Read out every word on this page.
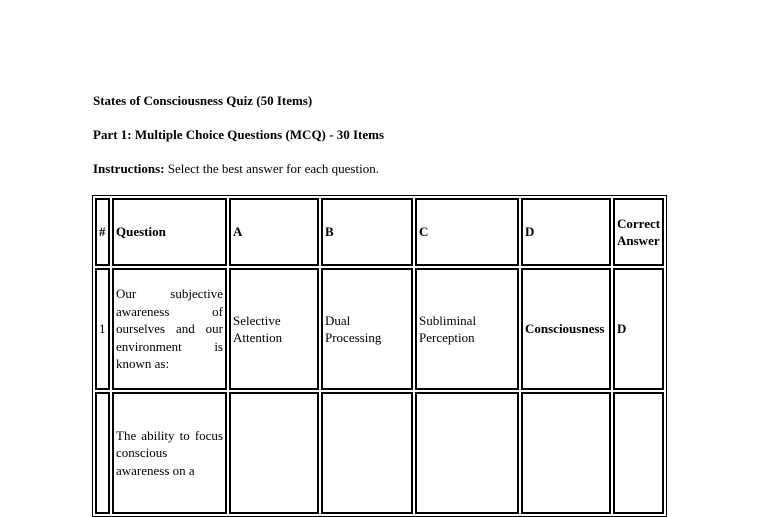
States of Consciousness Quiz (50 Items)
Part 1: Multiple Choice Questions (MCQ) - 30 Items
Instructions: Select the best answer for each question.
#	Question	A	B	C	D	Correct Answer
1	Our subjective awareness of ourselves and our environment is known as:	Selective Attention	Dual Processing	Subliminal Perception	Consciousness	D
	The ability to focus conscious awareness on a					
